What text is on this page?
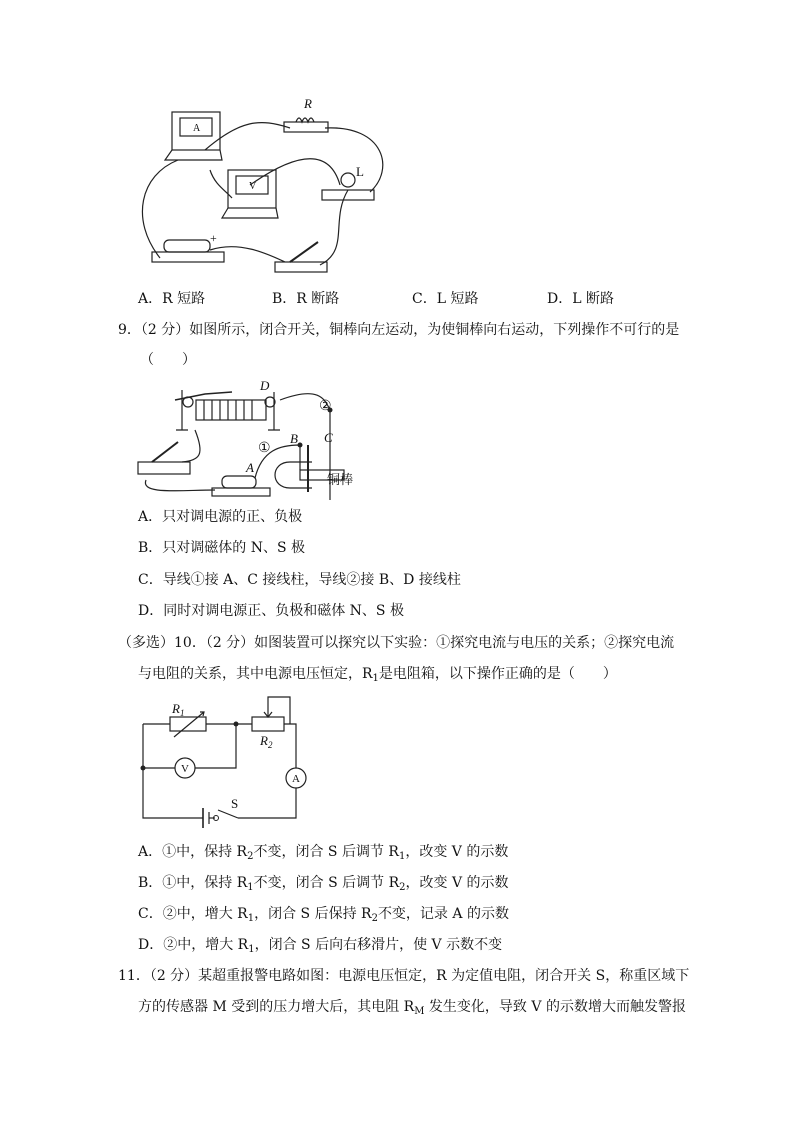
R
A
V
L
+
A．R 短路	B．R 断路	C．L 短路	D．L 断路
9．（2 分）如图所示，闭合开关，铜棒向左运动，为使铜棒向右运动，下列操作不可行的是
（　　）
D
②
①
B C
A
铜棒
A．只对调电源的正、负极
B．只对调磁体的 N、S 极
C．导线①接 A、C 接线柱，导线②接 B、D 接线柱
D．同时对调电源正、负极和磁体 N、S 极
（多选）10．（2 分）如图装置可以探究以下实验：①探究电流与电压的关系；②探究电流
与电阻的关系，其中电源电压恒定，$R_1$是电阻箱，以下操作正确的是（　　）
$R_1$
$R_2$
V
A
S
A．①中，保持 $R_2$不变，闭合 S 后调节 $R_1$，改变 V 的示数
B．①中，保持 $R_1$不变，闭合 S 后调节 $R_2$，改变 V 的示数
C．②中，增大 $R_1$，闭合 S 后保持 $R_2$不变，记录 A 的示数
D．②中，增大 $R_1$，闭合 S 后向右移滑片，使 V 示数不变
11．（2 分）某超重报警电路如图：电源电压恒定，R 为定值电阻，闭合开关 S，称重区域下
方的传感器 M 受到的压力增大后，其电阻 $R_M$ 发生变化，导致 V 的示数增大而触发警报
